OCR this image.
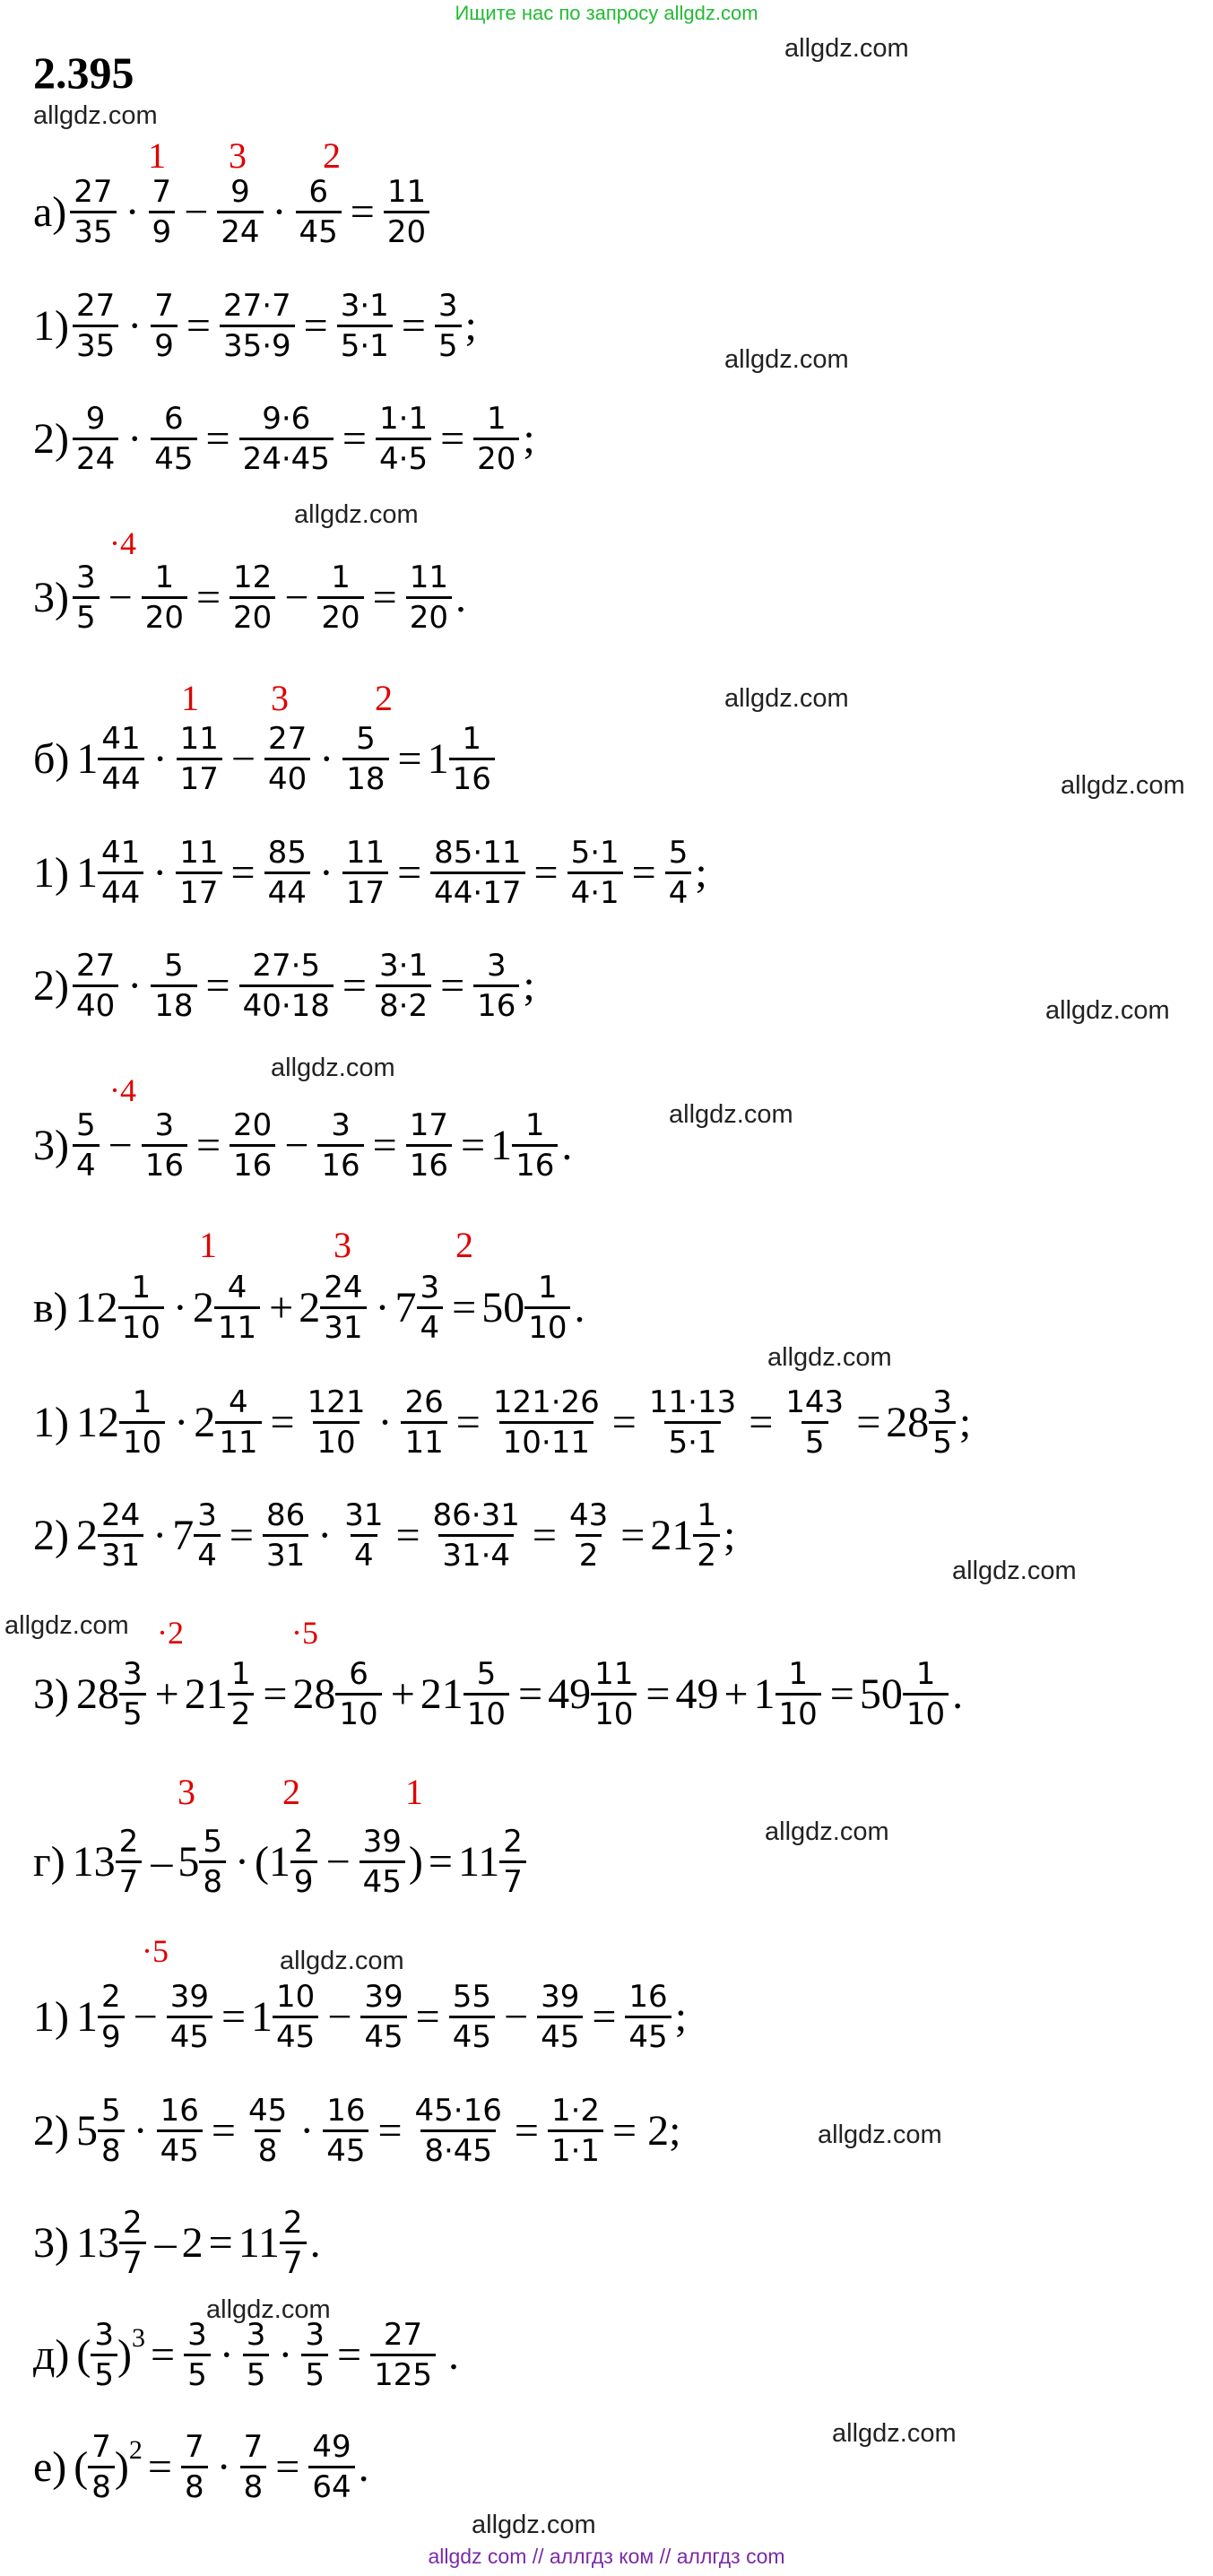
Ищите нас по запросу allgdz.com
2.395	allgdz.com
allgdz.com
allgdz.com
allgdz.com
allgdz.com
allgdz.com
allgdz.com
allgdz.com
allgdz.com
allgdz.com
allgdz.com
allgdz.com
allgdz.com
allgdz.com
allgdz.com
allgdz.com
allgdz.com
allgdz.com
1 3 2
·4
1 3 2
·4
1	3	2
·2	·5
3 2	1
·5
$а) \frac{27}{35} \cdot \frac{7}{9} - \frac{9}{24} \cdot \frac{6}{45} = \frac{11}{20}$
$1) \frac{27}{35} \cdot \frac{7}{9} = \frac{27\cdot 7}{35\cdot 9} = \frac{3\cdot 1}{5\cdot 1} = \frac{3}{5}$ ;
$2) \frac{9}{24} \cdot \frac{6}{45} = \frac{9\cdot 6}{24\cdot 45} = \frac{1\cdot 1}{4\cdot 5} = \frac{1}{20}$ ;
$3) \frac{3}{5} - \frac{1}{20} = \frac{12}{20} - \frac{1}{20} = \frac{11}{20}$ .
б) $1 \frac{41}{44} \cdot \frac{11}{17} - \frac{27}{40} \cdot \frac{5}{18} = 1 \frac{1}{16}$
1) $1 \frac{41}{44} \cdot \frac{11}{17} = \frac{85}{44} \cdot \frac{11}{17} = \frac{85\cdot 11}{44\cdot 17} = \frac{5\cdot 1}{4\cdot 1} = \frac{5}{4}$ ;
$2) \frac{27}{40} \cdot \frac{5}{18} = \frac{27\cdot 5}{40\cdot 18} = \frac{3\cdot 1}{8\cdot 2} = \frac{3}{16}$ ;
$3) \frac{5}{4} - \frac{3}{16} = \frac{20}{16} - \frac{3}{16} = \frac{17}{16} = 1 \frac{1}{16}$ .
в) $12 \frac{1}{10} \cdot 2 \frac{4}{11} + 2 \frac{24}{31} \cdot 7 \frac{3}{4} = 50 \frac{1}{10}$ .
1) $12 \frac{1}{10} \cdot 2 \frac{4}{11} = \frac{121}{10} \cdot \frac{26}{11} = \frac{121\cdot 26}{10\cdot 11} = \frac{11\cdot 13}{5\cdot 1} = \frac{143}{5} = 28 \frac{3}{5}$ ;
2) $2 \frac{24}{31} \cdot 7 \frac{3}{4} = \frac{86}{31} \cdot \frac{31}{4} = \frac{86\cdot 31}{31\cdot 4} = \frac{43}{2} = 21 \frac{1}{2}$ ;
3) $28 \frac{3}{5} + 21 \frac{1}{2} = 28 \frac{6}{10} + 21 \frac{5}{10} = 49 \frac{11}{10} = 49 + 1 \frac{1}{10} = 50 \frac{1}{10}$ .
г) $13 \frac{2}{7} - 5 \frac{5}{8}$ · ( $1 \frac{2}{9} - \frac{39}{45}$ ) = $11 \frac{2}{7}$
1) $1 \frac{2}{9} - \frac{39}{45} = 1 \frac{10}{45} - \frac{39}{45} = \frac{55}{45} - \frac{39}{45} = \frac{16}{45}$ ;
2) $5 \frac{5}{8} \cdot \frac{16}{45} = \frac{45}{8} \cdot \frac{16}{45} = \frac{45\cdot 16}{8\cdot 45} = \frac{1\cdot 2}{1\cdot 1} = 2$;
3) $13 \frac{2}{7} - 2 = 11 \frac{2}{7}$ .
д) ( $\frac{3}{5}$ ) $3 = \frac{3}{5} \cdot \frac{3}{5} \cdot \frac{3}{5} = \frac{27}{125}$ .
е) ( $\frac{7}{8}$ ) $2 = \frac{7}{8} \cdot \frac{7}{8} = \frac{49}{64}$ .
allgdz com // аллгдз ком // аллгдз com
